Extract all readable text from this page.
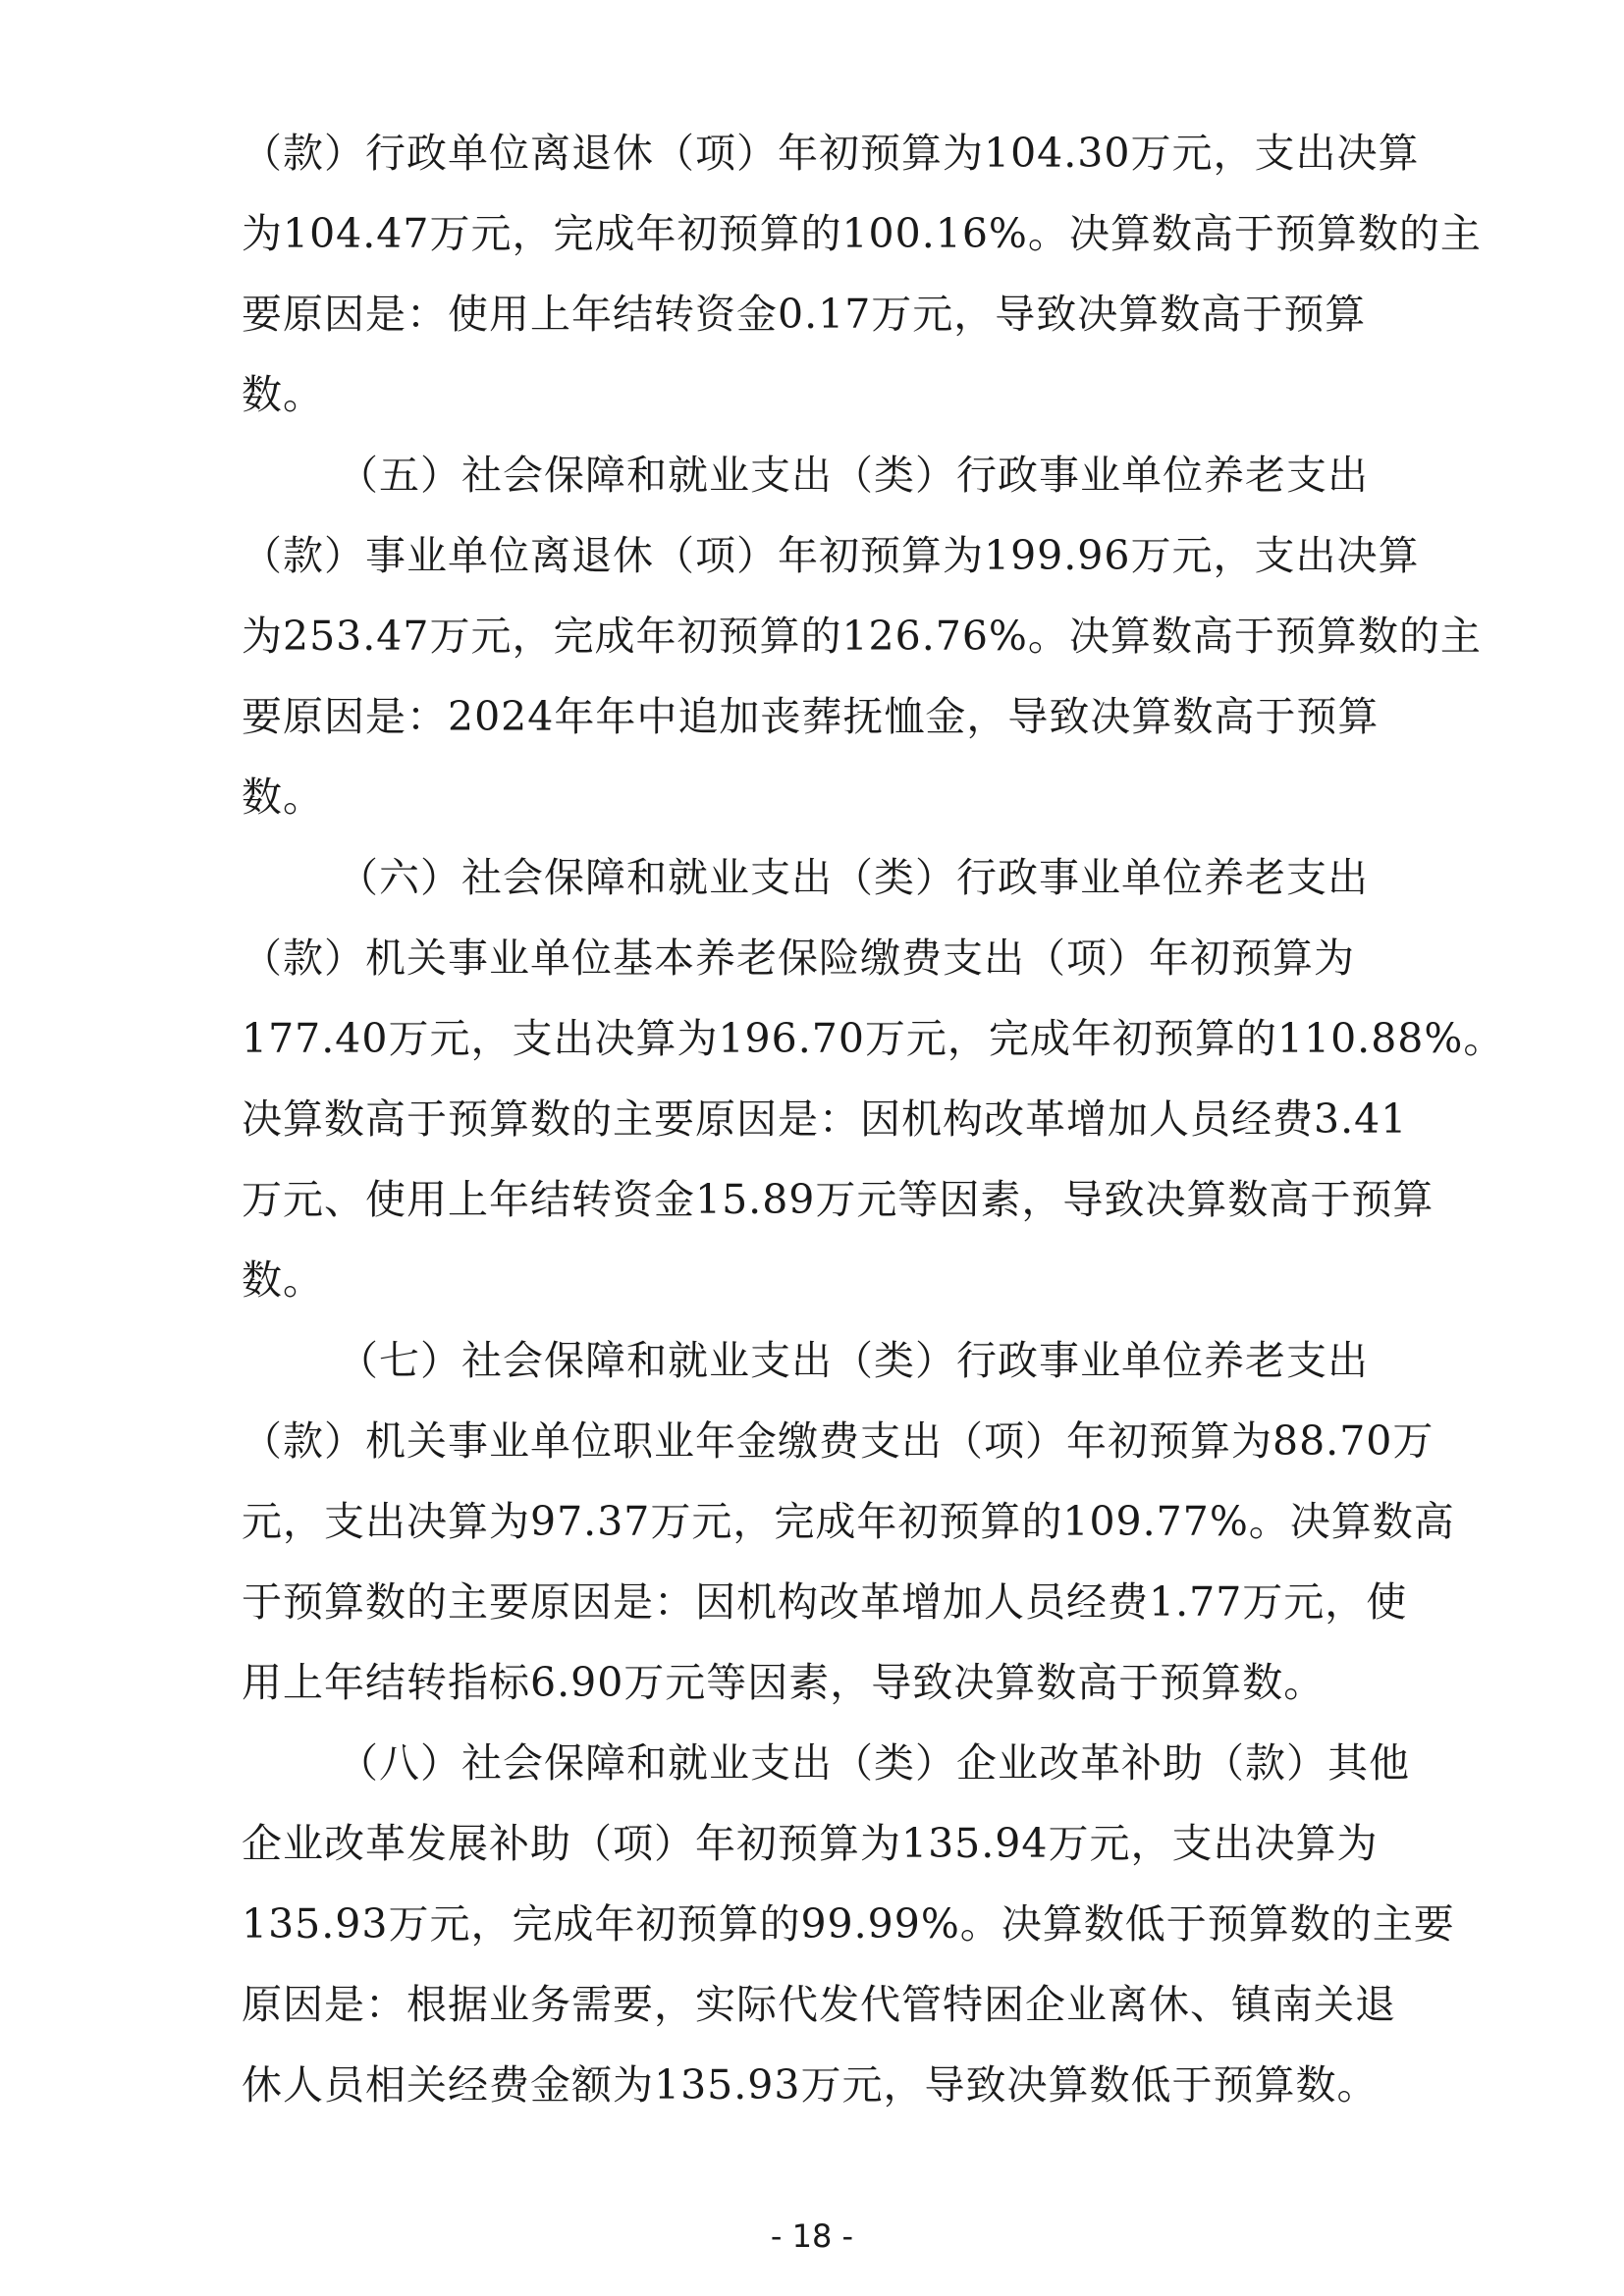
（款）行政单位离退休（项）年初预算为104.30万元，支出决算
为104.47万元，完成年初预算的100.16%。决算数高于预算数的主
要原因是：使用上年结转资金0.17万元，导致决算数高于预算
数。
（五）社会保障和就业支出（类）行政事业单位养老支出
（款）事业单位离退休（项）年初预算为199.96万元，支出决算
为253.47万元，完成年初预算的126.76%。决算数高于预算数的主
要原因是：2024年年中追加丧葬抚恤金，导致决算数高于预算
数。
（六）社会保障和就业支出（类）行政事业单位养老支出
（款）机关事业单位基本养老保险缴费支出（项）年初预算为
177.40万元，支出决算为196.70万元，完成年初预算的110.88%。
决算数高于预算数的主要原因是：因机构改革增加人员经费3.41
万元、使用上年结转资金15.89万元等因素，导致决算数高于预算
数。
（七）社会保障和就业支出（类）行政事业单位养老支出
（款）机关事业单位职业年金缴费支出（项）年初预算为88.70万
元，支出决算为97.37万元，完成年初预算的109.77%。决算数高
于预算数的主要原因是：因机构改革增加人员经费1.77万元，使
用上年结转指标6.90万元等因素，导致决算数高于预算数。
（八）社会保障和就业支出（类）企业改革补助（款）其他
企业改革发展补助（项）年初预算为135.94万元，支出决算为
135.93万元，完成年初预算的99.99%。决算数低于预算数的主要
原因是：根据业务需要，实际代发代管特困企业离休、镇南关退
休人员相关经费金额为135.93万元，导致决算数低于预算数。
- 18 -
